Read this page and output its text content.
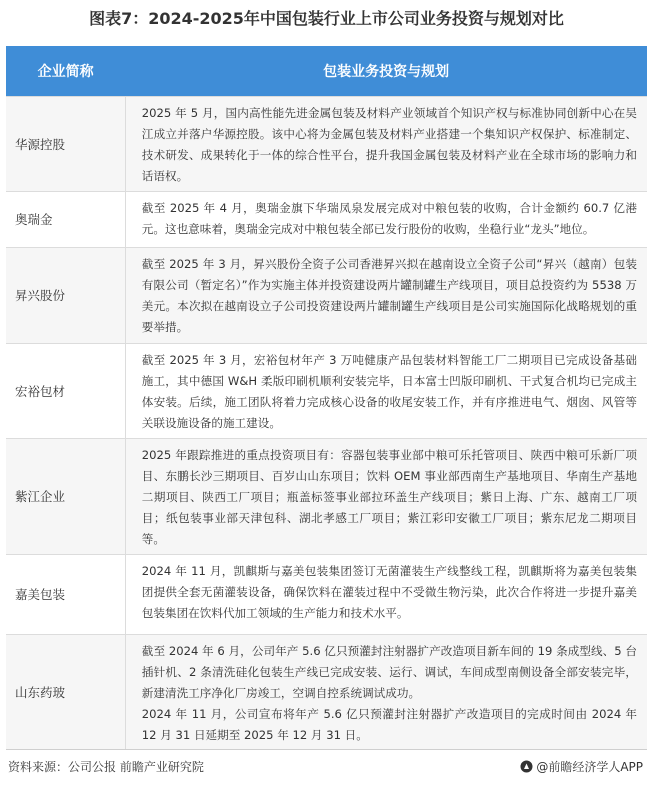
图表7：2024-2025年中国包装行业上市公司业务投资与规划对比
企业简称	包装业务投资与规划
华源控股	2025 年 5 月，国内高性能先进金属包装及材料产业领域首个知识产权与标准协同创新中心在吴江成立并落户华源控股。该中心将为金属包装及材料产业搭建一个集知识产权保护、标准制定、技术研发、成果转化于一体的综合性平台，提升我国金属包装及材料产业在全球市场的影响力和话语权。

奥瑞金	截至 2025 年 4 月，奥瑞金旗下华瑞凤泉发展完成对中粮包装的收购，合计金额约 60.7 亿港元。这也意味着，奥瑞金完成对中粮包装全部已发行股份的收购，坐稳行业“龙头”地位。

昇兴股份	截至 2025 年 3 月，昇兴股份全资子公司香港昇兴拟在越南设立全资子公司“昇兴（越南）包装有限公司（暂定名）”作为实施主体并投资建设两片罐制罐生产线项目，项目总投资约为 5538 万美元。本次拟在越南设立子公司投资建设两片罐制罐生产线项目是公司实施国际化战略规划的重要举措。

宏裕包材	截至 2025 年 3 月，宏裕包材年产 3 万吨健康产品包装材料智能工厂二期项目已完成设备基础施工，其中德国 W&H 柔版印刷机顺利安装完毕，日本富士凹版印刷机、干式复合机均已完成主体安装。后续，施工团队将着力完成核心设备的收尾安装工作，并有序推进电气、烟囱、风管等关联设施设备的施工建设。

紫江企业	2025 年跟踪推进的重点投资项目有：容器包装事业部中粮可乐托管项目、陕西中粮可乐新厂项目、东鹏长沙三期项目、百岁山山东项目；饮料 OEM 事业部西南生产基地项目、华南生产基地二期项目、陕西工厂项目；瓶盖标签事业部拉环盖生产线项目；紫日上海、广东、越南工厂项目；纸包装事业部天津包科、湖北孝感工厂项目；紫江彩印安徽工厂项目；紫东尼龙二期项目等。

嘉美包装	2024 年 11 月，凯麒斯与嘉美包装集团签订无菌灌装生产线整线工程，凯麒斯将为嘉美包装集团提供全套无菌灌装设备，确保饮料在灌装过程中不受微生物污染，此次合作将进一步提升嘉美包装集团在饮料代加工领域的生产能力和技术水平。

山东药玻	截至 2024 年 6 月，公司年产 5.6 亿只预灌封注射器扩产改造项目新车间的 19 条成型线、5 台插针机、2 条清洗硅化包装生产线已完成安装、运行、调试，车间成型南侧设备全部安装完毕，新建清洗工序净化厂房竣工，空调自控系统调试成功。

2024 年 11 月，公司宣布将年产 5.6 亿只预灌封注射器扩产改造项目的完成时间由 2024 年 12 月 31 日延期至 2025 年 12 月 31 日。

资料来源：公司公报 前瞻产业研究院	@前瞻经济学人APP
